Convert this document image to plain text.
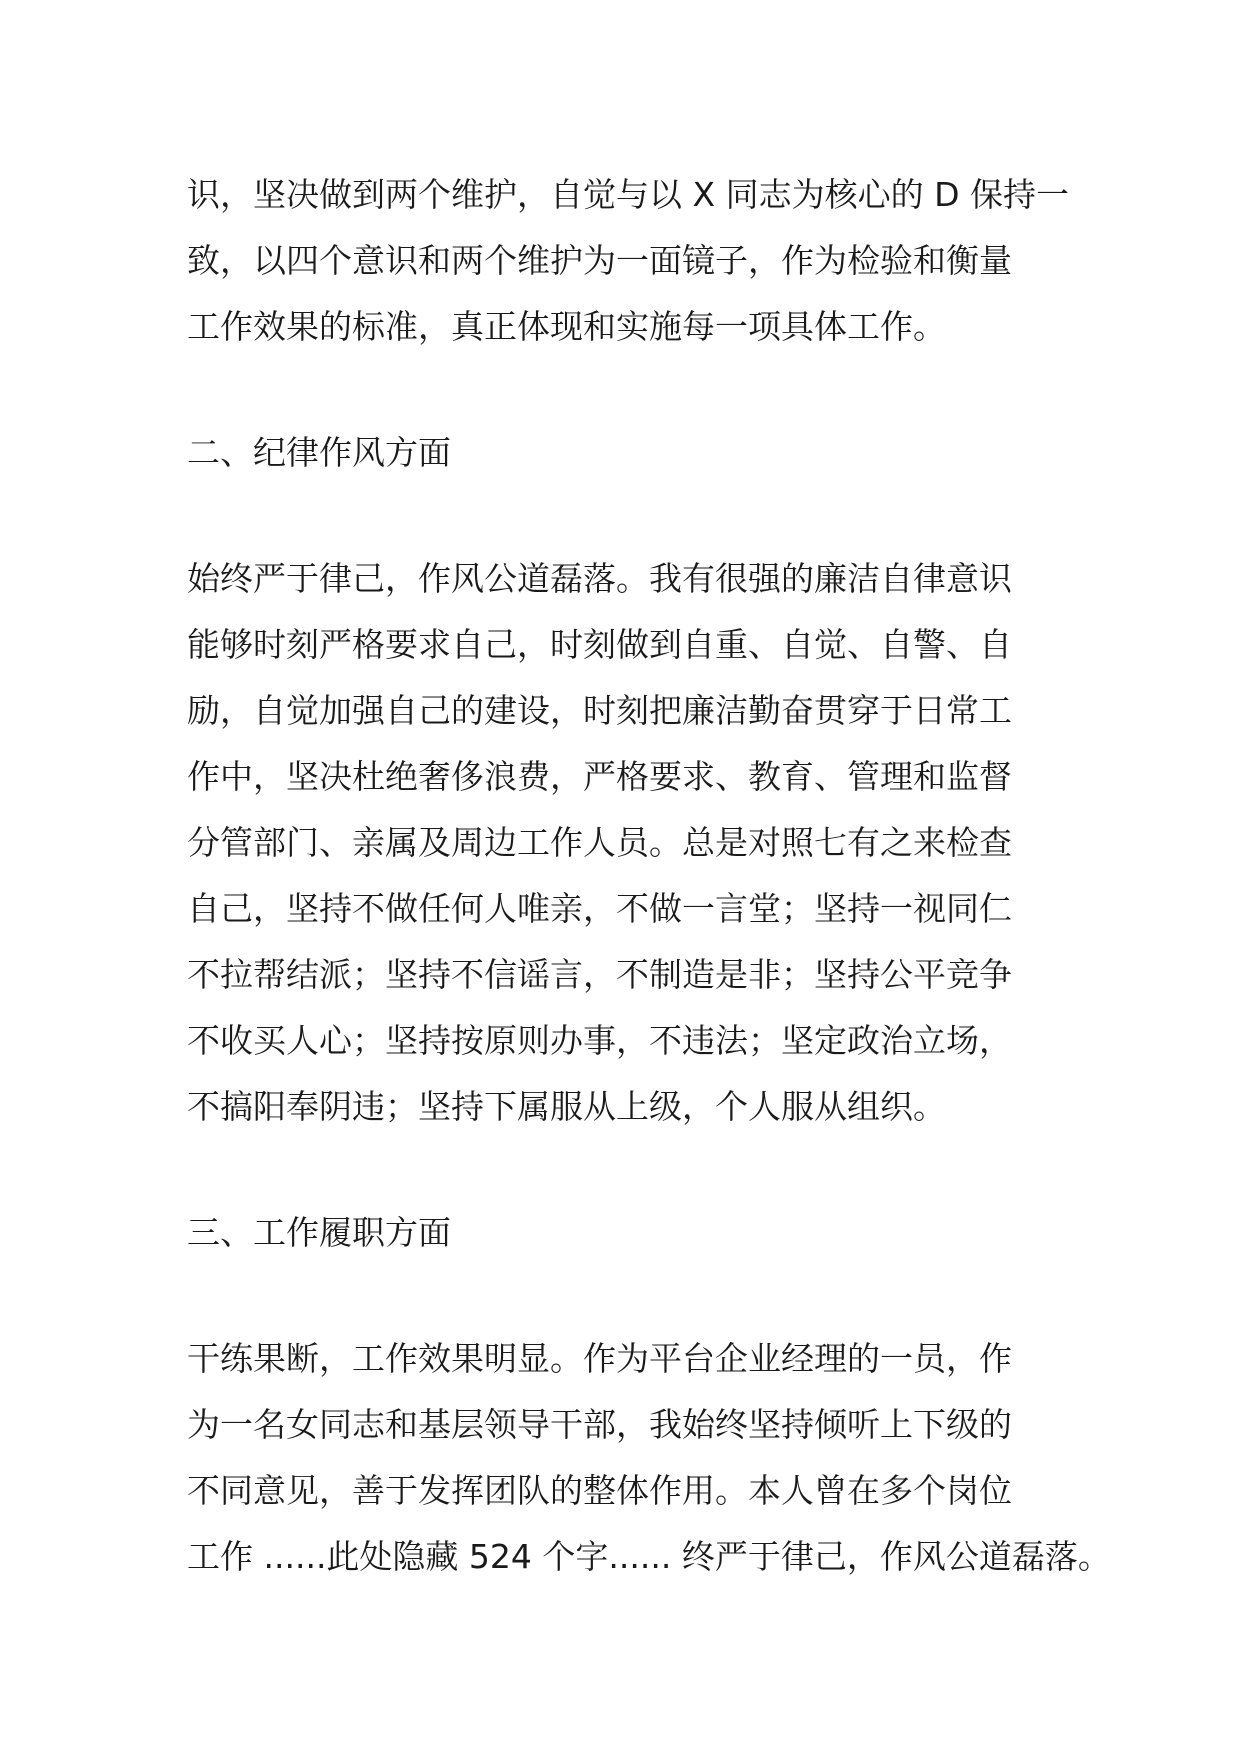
识，坚决做到两个维护，自觉与以 X 同志为核心的 D 保持一
致，以四个意识和两个维护为一面镜子，作为检验和衡量
工作效果的标准，真正体现和实施每一项具体工作。
二、纪律作风方面
始终严于律己，作风公道磊落。我有很强的廉洁自律意识
能够时刻严格要求自己，时刻做到自重、自觉、自警、自
励，自觉加强自己的建设，时刻把廉洁勤奋贯穿于日常工
作中，坚决杜绝奢侈浪费，严格要求、教育、管理和监督
分管部门、亲属及周边工作人员。总是对照七有之来检查
自己，坚持不做任何人唯亲，不做一言堂；坚持一视同仁
不拉帮结派；坚持不信谣言，不制造是非；坚持公平竞争
不收买人心；坚持按原则办事，不违法；坚定政治立场，
不搞阳奉阴违；坚持下属服从上级，个人服从组织。
三、工作履职方面
干练果断，工作效果明显。作为平台企业经理的一员，作
为一名女同志和基层领导干部，我始终坚持倾听上下级的
不同意见，善于发挥团队的整体作用。本人曾在多个岗位
工作 ......此处隐藏 524 个字...... 终严于律己，作风公道磊落。
